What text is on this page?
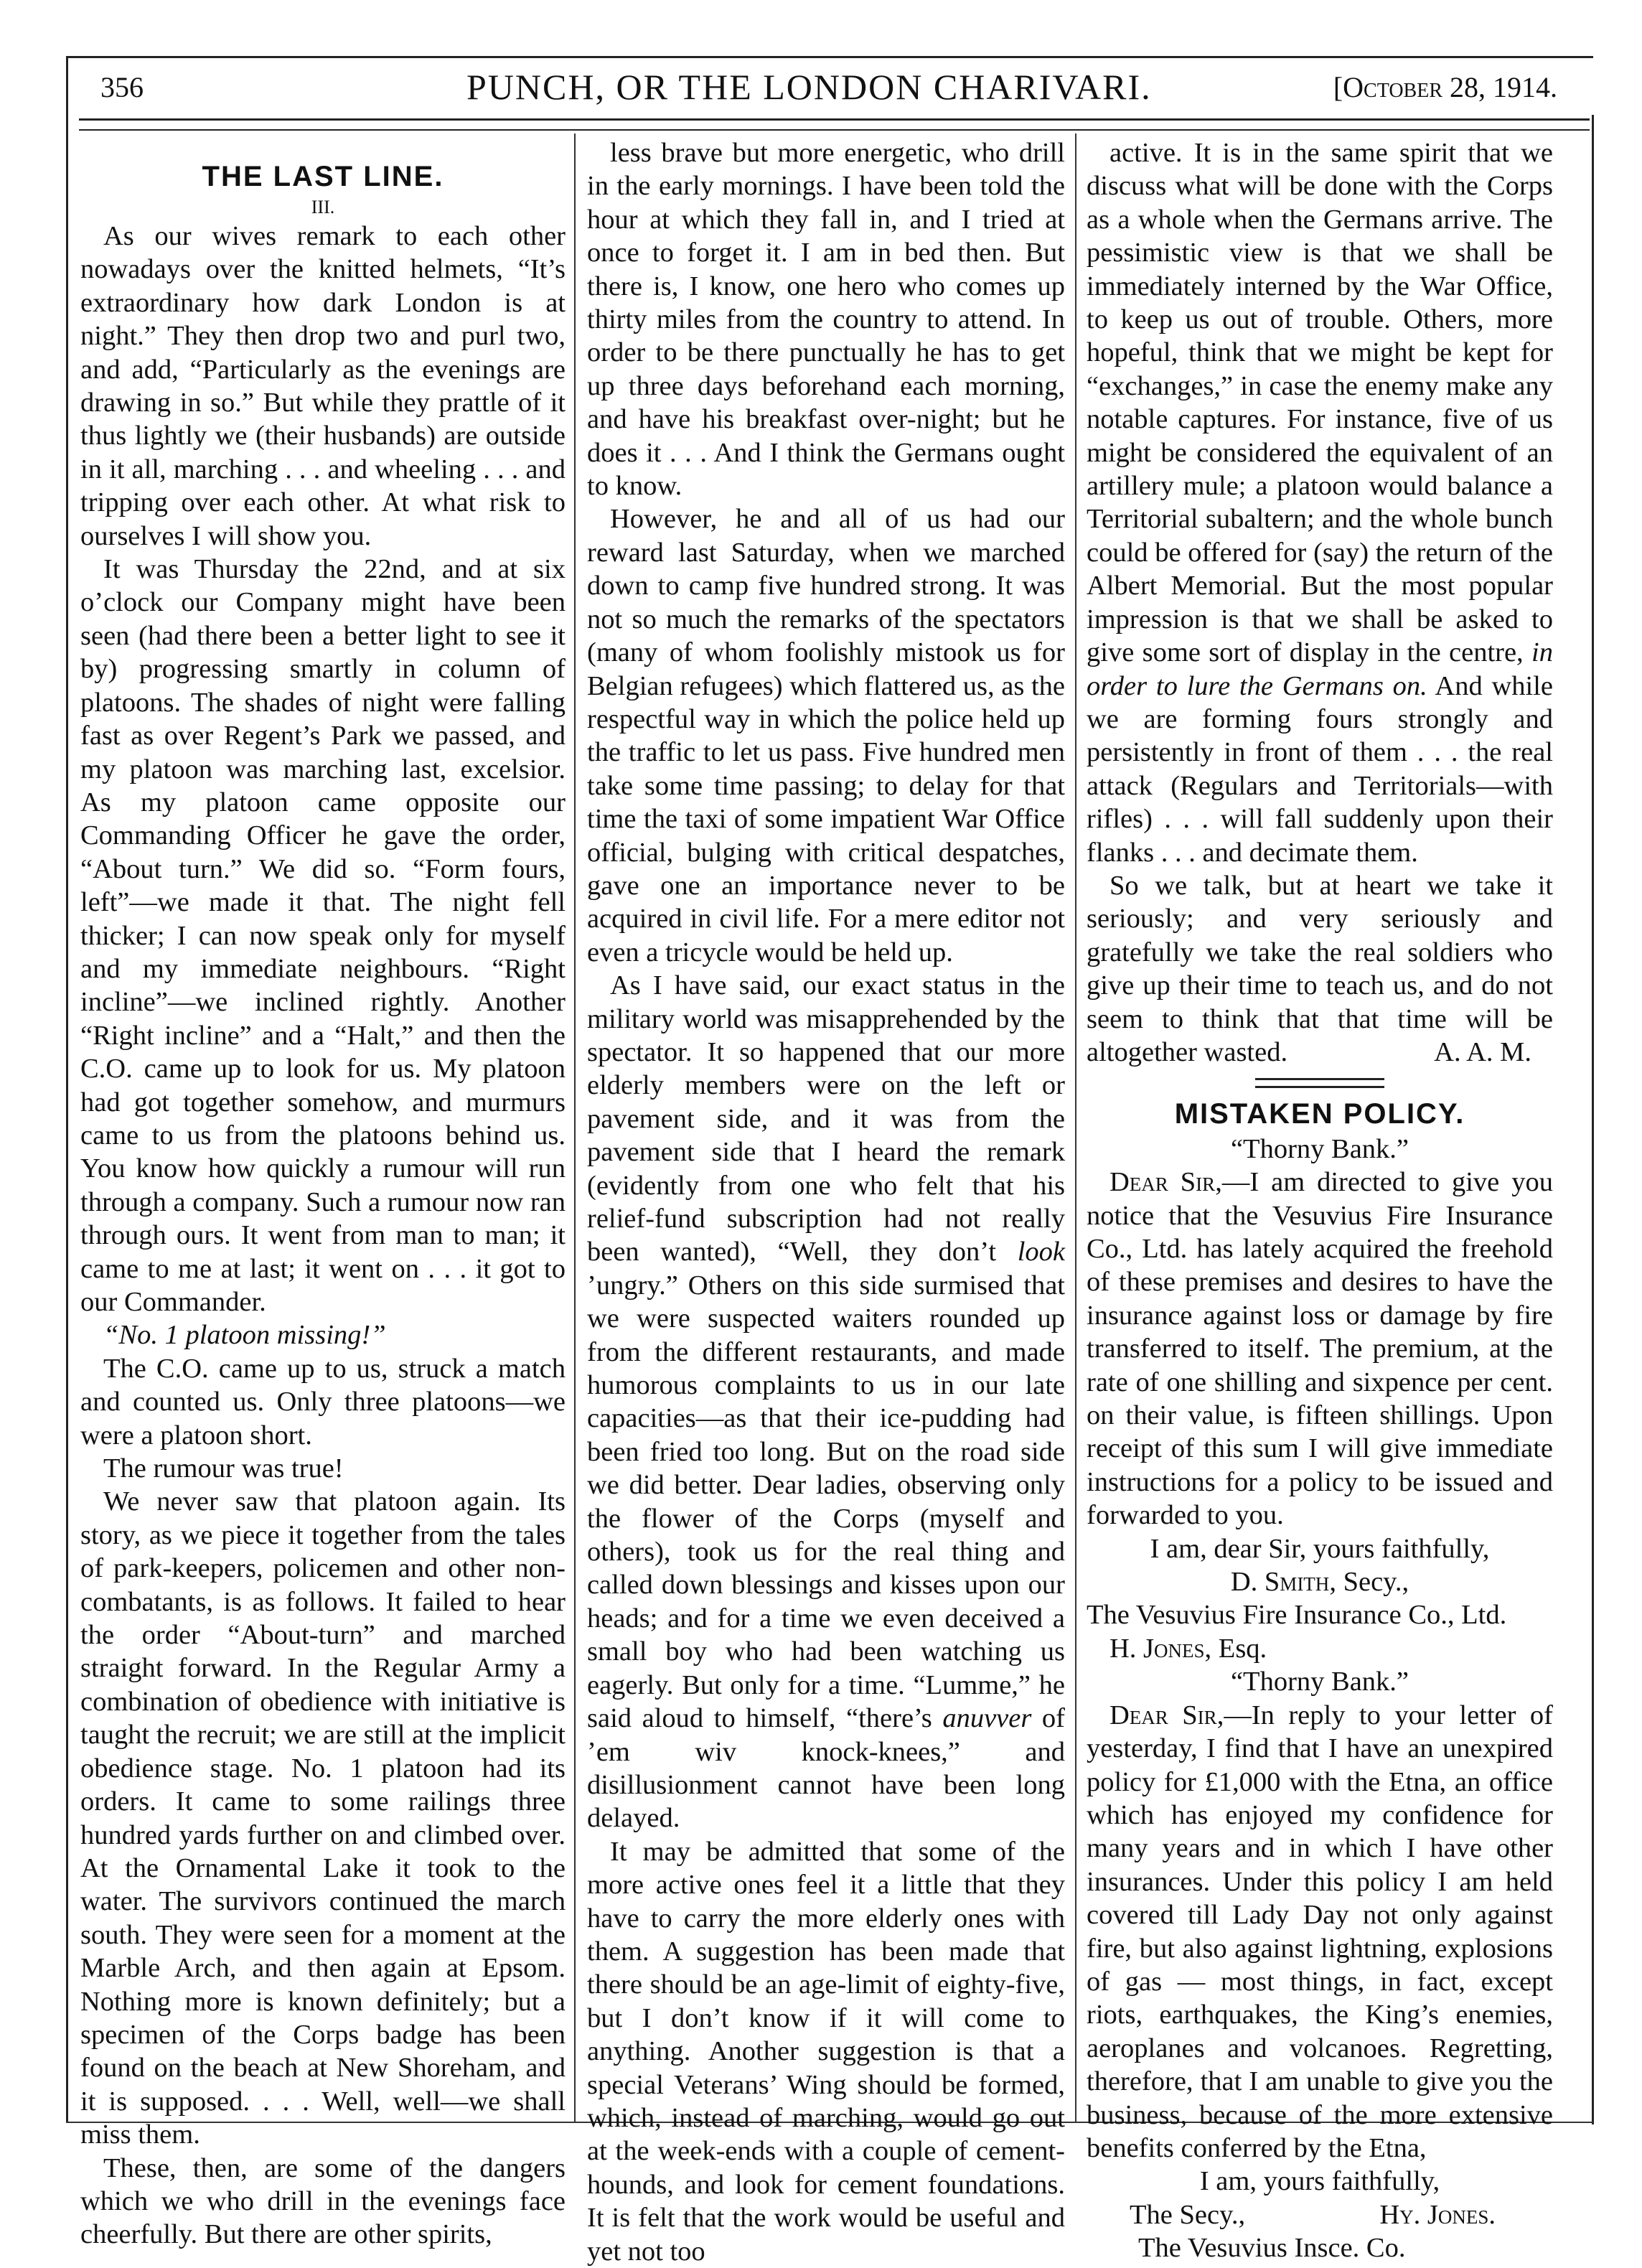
356	PUNCH, OR THE LONDON CHARIVARI.	[October 28, 1914.
THE LAST LINE.
III.

As our wives remark to each other nowadays over the knitted helmets, “It’s extraordinary how dark London is at night.” They then drop two and purl two, and add, “Particularly as the evenings are drawing in so.” But while they prattle of it thus lightly we (their husbands) are outside in it all, marching . . . and wheeling . . . and tripping over each other. At what risk to ourselves I will show you.

It was Thursday the 22nd, and at six o’clock our Company might have been seen (had there been a better light to see it by) progressing smartly in column of platoons. The shades of night were falling fast as over Regent’s Park we passed, and my platoon was marching last, excelsior. As my platoon came opposite our Commanding Officer he gave the order, “About turn.” We did so. “Form fours, left”—we made it that. The night fell thicker; I can now speak only for myself and my immediate neighbours. “Right incline”—we inclined rightly. Another “Right incline” and a “Halt,” and then the C.O. came up to look for us. My platoon had got together somehow, and murmurs came to us from the platoons behind us. You know how quickly a rumour will run through a company. Such a rumour now ran through ours. It went from man to man; it came to me at last; it went on . . . it got to our Commander.

“No. 1 platoon missing!”

The C.O. came up to us, struck a match and counted us. Only three platoons—we were a platoon short.

The rumour was true!

We never saw that platoon again. Its story, as we piece it together from the tales of park-keepers, policemen and other non-combatants, is as follows. It failed to hear the order “About-turn” and marched straight forward. In the Regular Army a combination of obedience with initiative is taught the recruit; we are still at the implicit obedience stage. No. 1 platoon had its orders. It came to some railings three hundred yards further on and climbed over. At the Ornamental Lake it took to the water. The survivors continued the march south. They were seen for a moment at the Marble Arch, and then again at Epsom. Nothing more is known definitely; but a specimen of the Corps badge has been found on the beach at New Shoreham, and it is supposed. . . . Well, well—we shall miss them.

These, then, are some of the dangers which we who drill in the evenings face cheerfully. But there are other spirits,

less brave but more energetic, who drill in the early mornings. I have been told the hour at which they fall in, and I tried at once to forget it. I am in bed then. But there is, I know, one hero who comes up thirty miles from the country to attend. In order to be there punctually he has to get up three days beforehand each morning, and have his breakfast over-night; but he does it . . . And I think the Germans ought to know.

However, he and all of us had our reward last Saturday, when we marched down to camp five hundred strong. It was not so much the remarks of the spectators (many of whom foolishly mistook us for Belgian refugees) which flattered us, as the respectful way in which the police held up the traffic to let us pass. Five hundred men take some time passing; to delay for that time the taxi of some impatient War Office official, bulging with critical despatches, gave one an importance never to be acquired in civil life. For a mere editor not even a tricycle would be held up.

As I have said, our exact status in the military world was misapprehended by the spectator. It so happened that our more elderly members were on the left or pavement side, and it was from the pavement side that I heard the remark (evidently from one who felt that his relief-fund subscription had not really been wanted), “Well, they don’t look ’ungry.” Others on this side surmised that we were suspected waiters rounded up from the different restaurants, and made humorous complaints to us in our late capacities—as that their ice-pudding had been fried too long. But on the road side we did better. Dear ladies, observing only the flower of the Corps (myself and others), took us for the real thing and called down blessings and kisses upon our heads; and for a time we even deceived a small boy who had been watching us eagerly. But only for a time. “Lumme,” he said aloud to himself, “there’s anuvver of ’em wiv knock-knees,” and disillusionment cannot have been long delayed.

It may be admitted that some of the more active ones feel it a little that they have to carry the more elderly ones with them. A suggestion has been made that there should be an age-limit of eighty-five, but I don’t know if it will come to anything. Another suggestion is that a special Veterans’ Wing should be formed, which, instead of marching, would go out at the week-ends with a couple of cement-hounds, and look for cement foundations. It is felt that the work would be useful and yet not too

active. It is in the same spirit that we discuss what will be done with the Corps as a whole when the Germans arrive. The pessimistic view is that we shall be immediately interned by the War Office, to keep us out of trouble. Others, more hopeful, think that we might be kept for “exchanges,” in case the enemy make any notable captures. For instance, five of us might be considered the equivalent of an artillery mule; a platoon would balance a Territorial subaltern; and the whole bunch could be offered for (say) the return of the Albert Memorial. But the most popular impression is that we shall be asked to give some sort of display in the centre, in order to lure the Germans on. And while we are forming fours strongly and persistently in front of them . . . the real attack (Regulars and Territorials—with rifles) . . . will fall suddenly upon their flanks . . . and decimate them.

So we talk, but at heart we take it seriously; and very seriously and gratefully we take the real soldiers who give up their time to teach us, and do not seem to think that that time will be altogether wasted.	A. A. M.

MISTAKEN POLICY.

“Thorny Bank.”

Dear Sir,—I am directed to give you notice that the Vesuvius Fire Insurance Co., Ltd. has lately acquired the freehold of these premises and desires to have the insurance against loss or damage by fire transferred to itself. The premium, at the rate of one shilling and sixpence per cent. on their value, is fifteen shillings. Upon receipt of this sum I will give immediate instructions for a policy to be issued and forwarded to you.

I am, dear Sir, yours faithfully,

D. Smith, Secy.,

The Vesuvius Fire Insurance Co., Ltd.

H. Jones, Esq.

“Thorny Bank.”

Dear Sir,—In reply to your letter of yesterday, I find that I have an unexpired policy for £1,000 with the Etna, an office which has enjoyed my confidence for many years and in which I have other insurances. Under this policy I am held covered till Lady Day not only against fire, but also against lightning, explosions of gas — most things, in fact, except riots, earthquakes, the King’s enemies, aeroplanes and volcanoes. Regretting, therefore, that I am unable to give you the business, because of the more extensive benefits conferred by the Etna,

I am, yours faithfully,

The Secy.,	Hy. Jones.

The Vesuvius Insce. Co.
